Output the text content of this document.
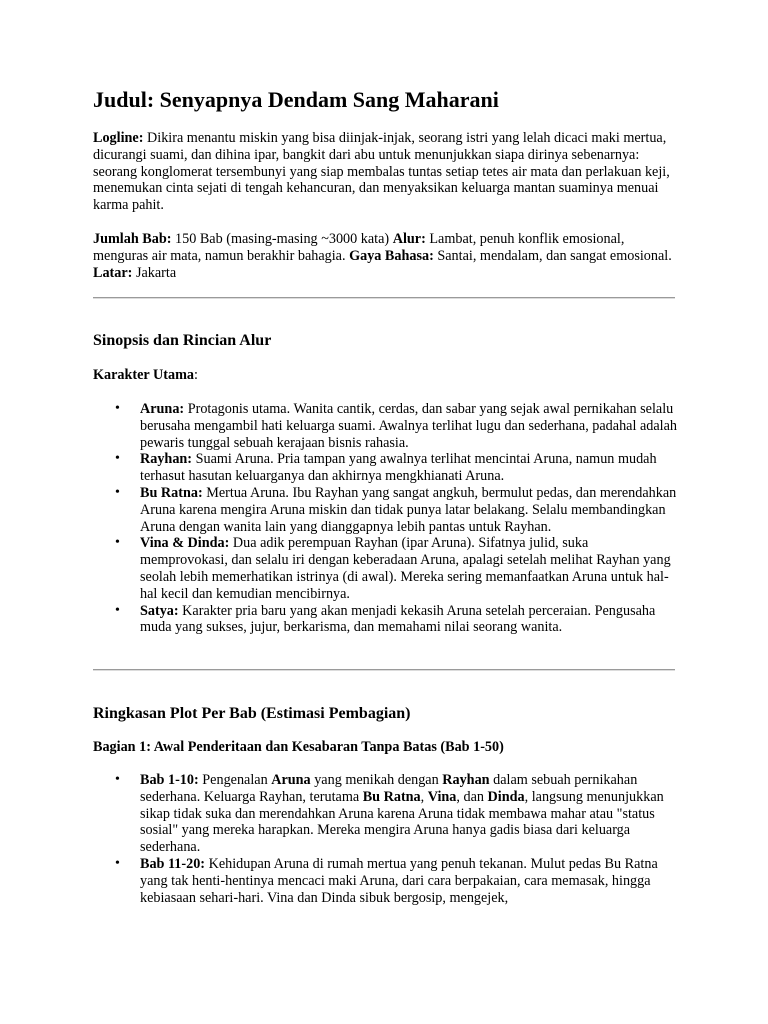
Judul: Senyapnya Dendam Sang Maharani

Logline: Dikira menantu miskin yang bisa diinjak-injak, seorang istri yang lelah dicaci maki mertua, dicurangi suami, dan dihina ipar, bangkit dari abu untuk menunjukkan siapa dirinya sebenarnya: seorang konglomerat tersembunyi yang siap membalas tuntas setiap tetes air mata dan perlakuan keji, menemukan cinta sejati di tengah kehancuran, dan menyaksikan keluarga mantan suaminya menuai karma pahit.

Jumlah Bab: 150 Bab (masing-masing ~3000 kata) Alur: Lambat, penuh konflik emosional, menguras air mata, namun berakhir bahagia. Gaya Bahasa: Santai, mendalam, dan sangat emosional. Latar: Jakarta

Sinopsis dan Rincian Alur
Karakter Utama:
• Aruna: Protagonis utama. Wanita cantik, cerdas, dan sabar yang sejak awal pernikahan selalu berusaha mengambil hati keluarga suami. Awalnya terlihat lugu dan sederhana, padahal adalah pewaris tunggal sebuah kerajaan bisnis rahasia.
• Rayhan: Suami Aruna. Pria tampan yang awalnya terlihat mencintai Aruna, namun mudah terhasut hasutan keluarganya dan akhirnya mengkhianati Aruna.
• Bu Ratna: Mertua Aruna. Ibu Rayhan yang sangat angkuh, bermulut pedas, dan merendahkan Aruna karena mengira Aruna miskin dan tidak punya latar belakang. Selalu membandingkan Aruna dengan wanita lain yang dianggapnya lebih pantas untuk Rayhan.
• Vina & Dinda: Dua adik perempuan Rayhan (ipar Aruna). Sifatnya julid, suka memprovokasi, dan selalu iri dengan keberadaan Aruna, apalagi setelah melihat Rayhan yang seolah lebih memerhatikan istrinya (di awal). Mereka sering memanfaatkan Aruna untuk hal-hal kecil dan kemudian mencibirnya.
• Satya: Karakter pria baru yang akan menjadi kekasih Aruna setelah perceraian. Pengusaha muda yang sukses, jujur, berkarisma, dan memahami nilai seorang wanita.
Ringkasan Plot Per Bab (Estimasi Pembagian)
Bagian 1: Awal Penderitaan dan Kesabaran Tanpa Batas (Bab 1-50)
• Bab 1-10: Pengenalan Aruna yang menikah dengan Rayhan dalam sebuah pernikahan sederhana. Keluarga Rayhan, terutama Bu Ratna, Vina, dan Dinda, langsung menunjukkan sikap tidak suka dan merendahkan Aruna karena Aruna tidak membawa mahar atau "status sosial" yang mereka harapkan. Mereka mengira Aruna hanya gadis biasa dari keluarga sederhana.
• Bab 11-20: Kehidupan Aruna di rumah mertua yang penuh tekanan. Mulut pedas Bu Ratna yang tak henti-hentinya mencaci maki Aruna, dari cara berpakaian, cara memasak, hingga kebiasaan sehari-hari. Vina dan Dinda sibuk bergosip, mengejek,
